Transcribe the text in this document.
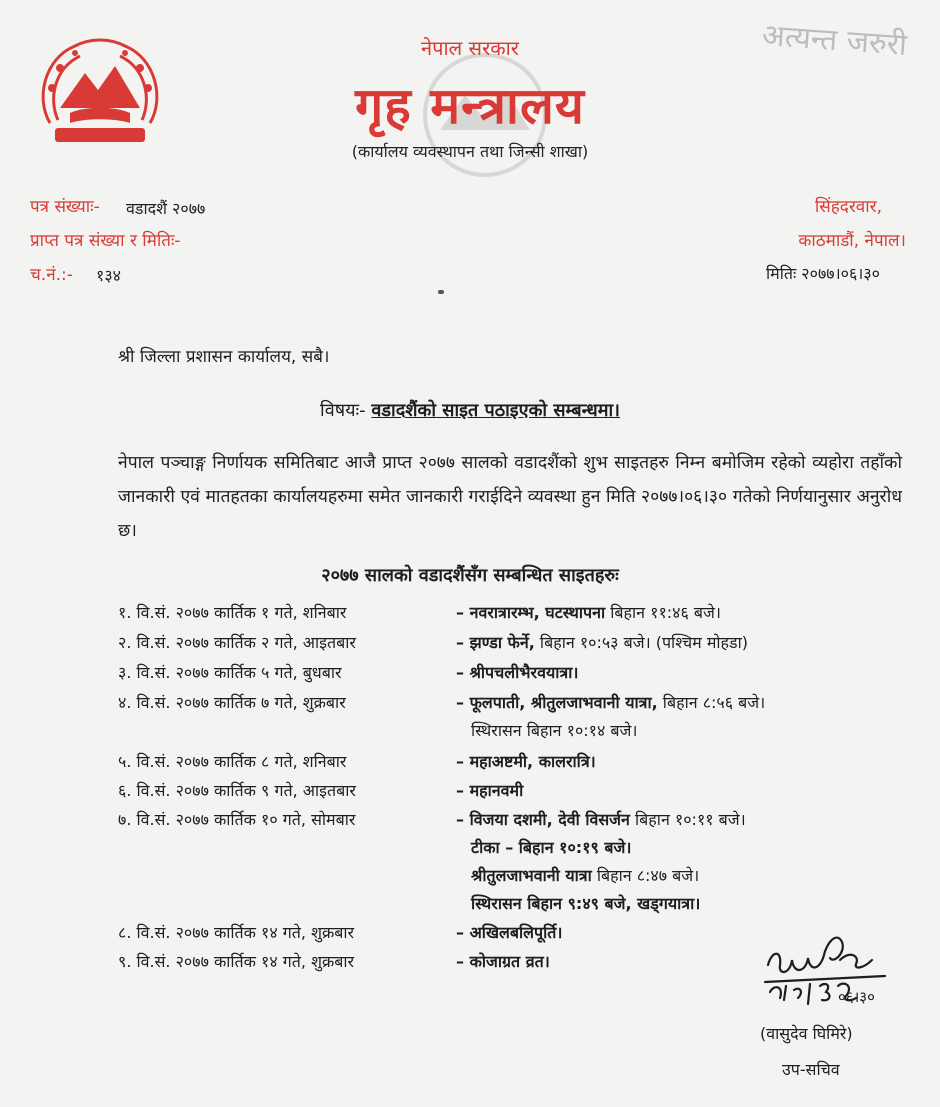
नेपाल सरकार
गृह मन्त्रालय
(कार्यालय व्यवस्थापन तथा जिन्सी शाखा)
अत्यन्त जरुरी
पत्र संख्याः- वडादशैं २०७७
प्राप्त पत्र संख्या र मितिः-
च.नं.:- १३४
सिंहदरवार,
काठमाडौं, नेपाल।
मितिः २०७७।०६।३०
श्री जिल्ला प्रशासन कार्यालय, सबै।
विषयः- वडादशैंको साइत पठाइएको सम्बन्धमा।
नेपाल पञ्चाङ्ग निर्णायक समितिबाट आजै प्राप्त २०७७ सालको वडादशैंको शुभ साइतहरु निम्न बमोजिम रहेको व्यहोरा तहाँको जानकारी एवं मातहतका कार्यालयहरुमा समेत जानकारी गराईदिने व्यवस्था हुन मिति २०७७।०६।३० गतेको निर्णयानुसार अनुरोध छ।
२०७७ सालको वडादशैंसँग सम्बन्धित साइतहरुः
१. वि.सं. २०७७ कार्तिक १ गते, शनिबार	– नवरात्रारम्भ, घटस्थापना बिहान ११:४६ बजे।
२. वि.सं. २०७७ कार्तिक २ गते, आइतबार	– झण्डा फेर्ने, बिहान १०:५३ बजे। (पश्चिम मोहडा)
३. वि.सं. २०७७ कार्तिक ५ गते, बुधबार	– श्रीपचलीभैरवयात्रा।
४. वि.सं. २०७७ कार्तिक ७ गते, शुक्रबार	– फूलपाती, श्रीतुलजाभवानी यात्रा, बिहान ८:५६ बजे।
स्थिरासन बिहान १०:१४ बजे।
५. वि.सं. २०७७ कार्तिक ८ गते, शनिबार	– महाअष्टमी, कालरात्रि।
६. वि.सं. २०७७ कार्तिक ९ गते, आइतबार	– महानवमी
७. वि.सं. २०७७ कार्तिक १० गते, सोमबार	– विजया दशमी, देवी विसर्जन बिहान १०:११ बजे।
टीका – बिहान १०:१९ बजे।
श्रीतुलजाभवानी यात्रा बिहान ८:४७ बजे।
स्थिरासन बिहान ९:४९ बजे, खड्गयात्रा।
८. वि.सं. २०७७ कार्तिक १४ गते, शुक्रबार	– अखिलबलिपूर्ति।
९. वि.सं. २०७७ कार्तिक १४ गते, शुक्रबार	– कोजाग्रत व्रत।
०६।३०
(वासुदेव घिमिरे)
उप-सचिव
